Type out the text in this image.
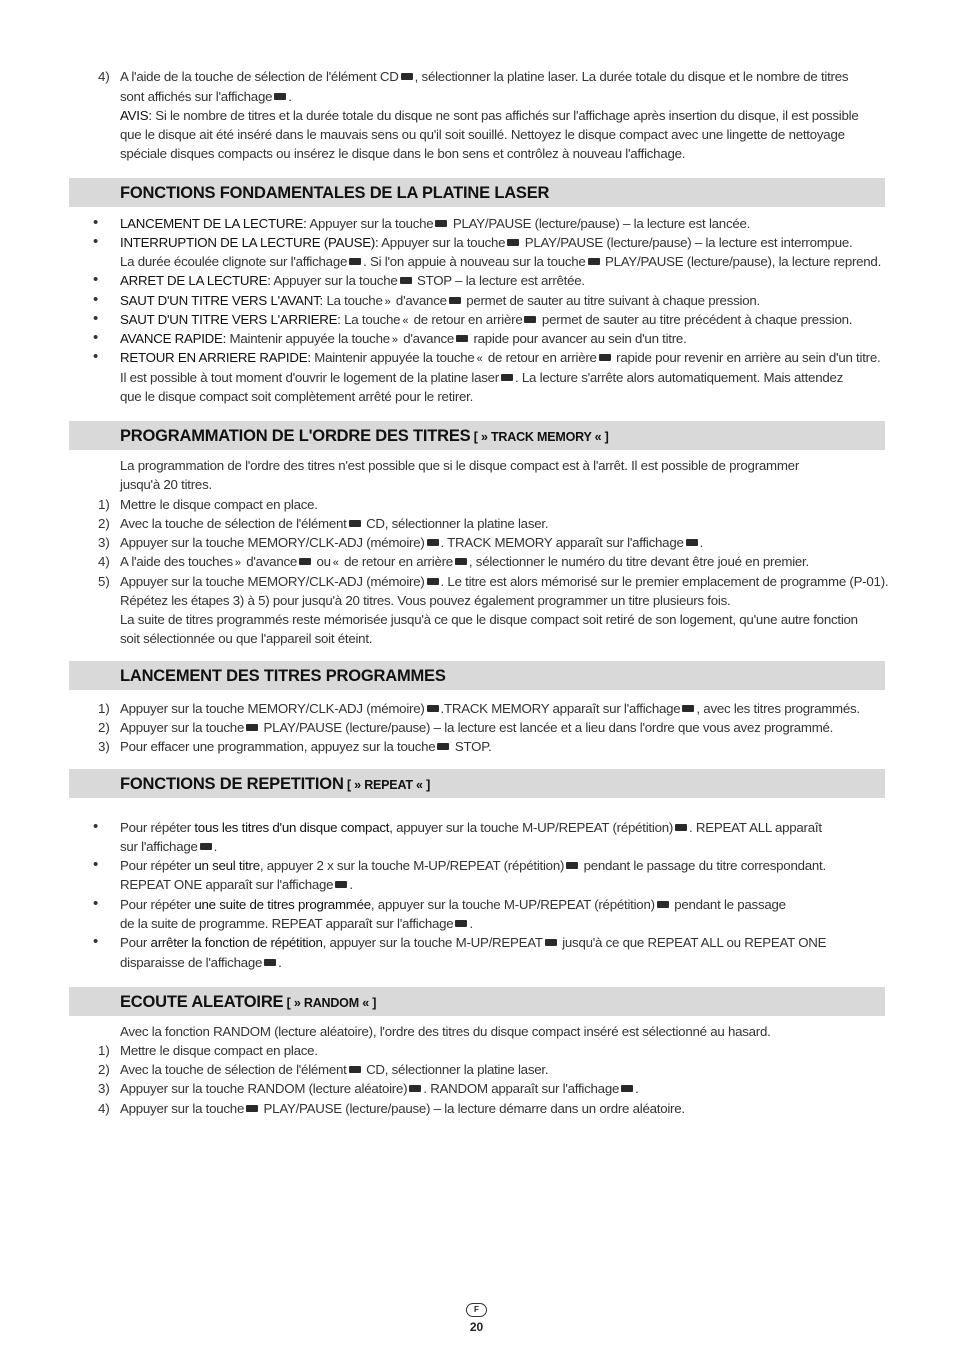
4) A l'aide de la touche de sélection de l'élément CD , sélectionner la platine laser. La durée totale du disque et le nombre de titres
sont affichés sur l'affichage .
AVIS: Si le nombre de titres et la durée totale du disque ne sont pas affichés sur l'affichage après insertion du disque, il est possible
que le disque ait été inséré dans le mauvais sens ou qu'il soit souillé. Nettoyez le disque compact avec une lingette de nettoyage
spéciale disques compacts ou insérez le disque dans le bon sens et contrôlez à nouveau l'affichage.
FONCTIONS FONDAMENTALES DE LA PLATINE LASER
• LANCEMENT DE LA LECTURE: Appuyer sur la touche PLAY/PAUSE (lecture/pause) – la lecture est lancée.
• INTERRUPTION DE LA LECTURE (PAUSE): Appuyer sur la touche PLAY/PAUSE (lecture/pause) – la lecture est interrompue.
La durée écoulée clignote sur l'affichage . Si l'on appuie à nouveau sur la touche PLAY/PAUSE (lecture/pause), la lecture reprend.
• ARRET DE LA LECTURE: Appuyer sur la touche STOP – la lecture est arrêtée.
• SAUT D'UN TITRE VERS L'AVANT: La touche » d'avance permet de sauter au titre suivant à chaque pression.
• SAUT D'UN TITRE VERS L'ARRIERE: La touche « de retour en arrière permet de sauter au titre précédent à chaque pression.
• AVANCE RAPIDE: Maintenir appuyée la touche » d'avance rapide pour avancer au sein d'un titre.
• RETOUR EN ARRIERE RAPIDE: Maintenir appuyée la touche « de retour en arrière rapide pour revenir en arrière au sein d'un titre.
Il est possible à tout moment d'ouvrir le logement de la platine laser . La lecture s'arrête alors automatiquement. Mais attendez
que le disque compact soit complètement arrêté pour le retirer.
PROGRAMMATION DE L'ORDRE DES TITRES [ » TRACK MEMORY « ]
La programmation de l'ordre des titres n'est possible que si le disque compact est à l'arrêt. Il est possible de programmer
jusqu'à 20 titres.
1) Mettre le disque compact en place.
2) Avec la touche de sélection de l'élément CD, sélectionner la platine laser.
3) Appuyer sur la touche MEMORY/CLK-ADJ (mémoire) . TRACK MEMORY apparaît sur l'affichage .
4) A l'aide des touches » d'avance ou « de retour en arrière , sélectionner le numéro du titre devant être joué en premier.
5) Appuyer sur la touche MEMORY/CLK-ADJ (mémoire) . Le titre est alors mémorisé sur le premier emplacement de programme (P-01).
Répétez les étapes 3) à 5) pour jusqu'à 20 titres. Vous pouvez également programmer un titre plusieurs fois.
La suite de titres programmés reste mémorisée jusqu'à ce que le disque compact soit retiré de son logement, qu'une autre fonction
soit sélectionnée ou que l'appareil soit éteint.
LANCEMENT DES TITRES PROGRAMMES
1) Appuyer sur la touche MEMORY/CLK-ADJ (mémoire) .TRACK MEMORY apparaît sur l'affichage , avec les titres programmés.
2) Appuyer sur la touche PLAY/PAUSE (lecture/pause) – la lecture est lancée et a lieu dans l'ordre que vous avez programmé.
3) Pour effacer une programmation, appuyez sur la touche STOP.
FONCTIONS DE REPETITION [ » REPEAT « ]
• Pour répéter tous les titres d'un disque compact, appuyer sur la touche M-UP/REPEAT (répétition) . REPEAT ALL apparaît
sur l'affichage .
• Pour répéter un seul titre, appuyer 2 x sur la touche M-UP/REPEAT (répétition) pendant le passage du titre correspondant.
REPEAT ONE apparaît sur l'affichage .
• Pour répéter une suite de titres programmée, appuyer sur la touche M-UP/REPEAT (répétition) pendant le passage
de la suite de programme. REPEAT apparaît sur l'affichage .
• Pour arrêter la fonction de répétition, appuyer sur la touche M-UP/REPEAT jusqu'à ce que REPEAT ALL ou REPEAT ONE
disparaisse de l'affichage .
ECOUTE ALEATOIRE [ » RANDOM « ]
Avec la fonction RANDOM (lecture aléatoire), l'ordre des titres du disque compact inséré est sélectionné au hasard.
1) Mettre le disque compact en place.
2) Avec la touche de sélection de l'élément CD, sélectionner la platine laser.
3) Appuyer sur la touche RANDOM (lecture aléatoire) . RANDOM apparaît sur l'affichage .
4) Appuyer sur la touche PLAY/PAUSE (lecture/pause) – la lecture démarre dans un ordre aléatoire.
F
20
